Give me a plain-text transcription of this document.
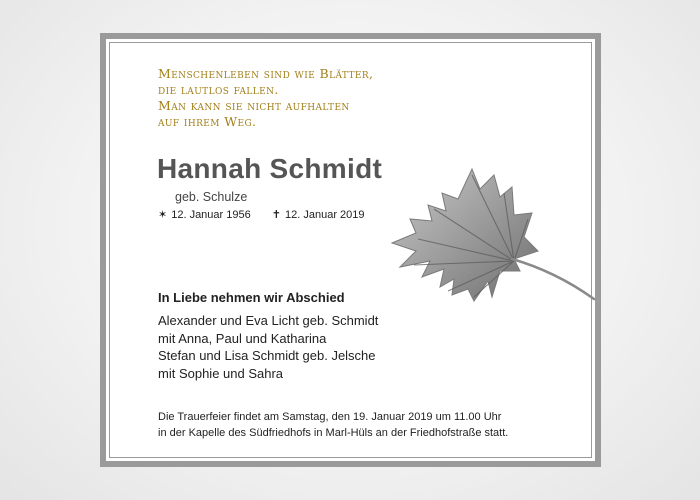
Menschenleben sind wie Blätter,
die lautlos fallen.
Man kann sie nicht aufhalten
auf ihrem Weg.
Hannah Schmidt
geb. Schulze
✶ 12. Januar 1956 ✝ 12. Januar 2019
In Liebe nehmen wir Abschied
Alexander und Eva Licht geb. Schmidt
mit Anna, Paul und Katharina
Stefan und Lisa Schmidt geb. Jelsche
mit Sophie und Sahra
Die Trauerfeier findet am Samstag, den 19. Januar 2019 um 11.00 Uhr
in der Kapelle des Südfriedhofs in Marl-Hüls an der Friedhofstraße statt.
